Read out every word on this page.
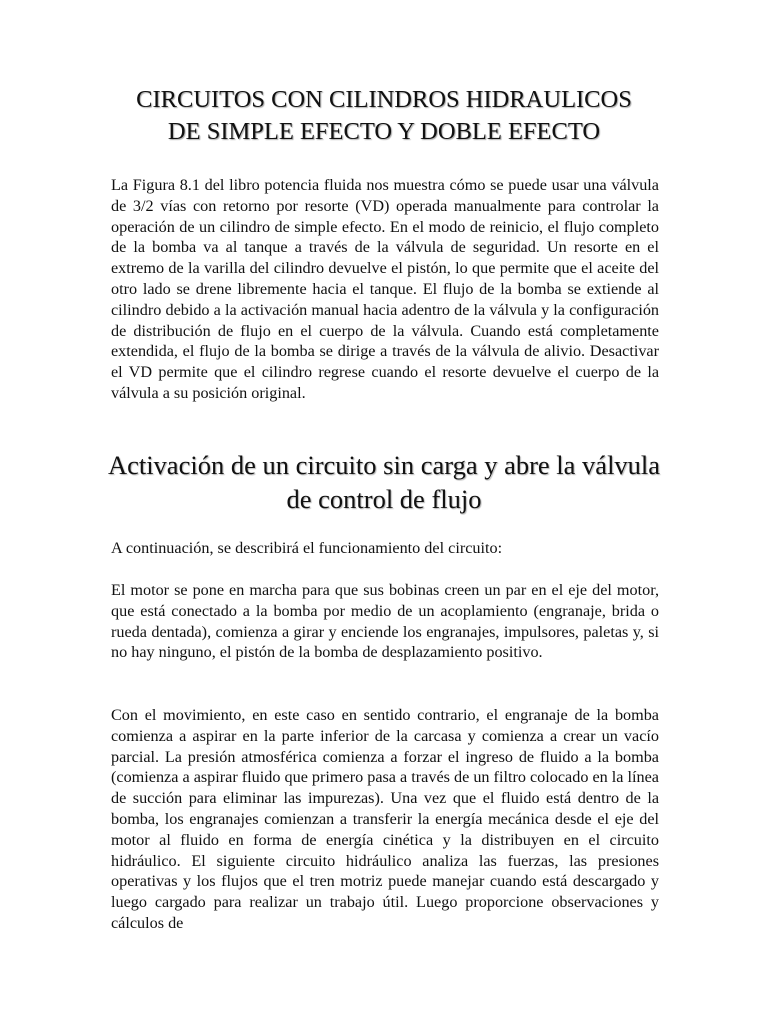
CIRCUITOS CON CILINDROS HIDRAULICOS
DE SIMPLE EFECTO Y DOBLE EFECTO

La Figura 8.1 del libro potencia fluida nos muestra cómo se puede usar una válvula de 3/2 vías con retorno por resorte (VD) operada manualmente para controlar la operación de un cilindro de simple efecto. En el modo de reinicio, el flujo completo de la bomba va al tanque a través de la válvula de seguridad. Un resorte en el extremo de la varilla del cilindro devuelve el pistón, lo que permite que el aceite del otro lado se drene libremente hacia el tanque. El flujo de la bomba se extiende al cilindro debido a la activación manual hacia adentro de la válvula y la configuración de distribución de flujo en el cuerpo de la válvula. Cuando está completamente extendida, el flujo de la bomba se dirige a través de la válvula de alivio. Desactivar el VD permite que el cilindro regrese cuando el resorte devuelve el cuerpo de la válvula a su posición original.

Activación de un circuito sin carga y abre la válvula
de control de flujo

A continuación, se describirá el funcionamiento del circuito:

El motor se pone en marcha para que sus bobinas creen un par en el eje del motor, que está conectado a la bomba por medio de un acoplamiento (engranaje, brida o rueda dentada), comienza a girar y enciende los engranajes, impulsores, paletas y, si no hay ninguno, el pistón de la bomba de desplazamiento positivo.

Con el movimiento, en este caso en sentido contrario, el engranaje de la bomba comienza a aspirar en la parte inferior de la carcasa y comienza a crear un vacío parcial. La presión atmosférica comienza a forzar el ingreso de fluido a la bomba (comienza a aspirar fluido que primero pasa a través de un filtro colocado en la línea de succión para eliminar las impurezas). Una vez que el fluido está dentro de la bomba, los engranajes comienzan a transferir la energía mecánica desde el eje del motor al fluido en forma de energía cinética y la distribuyen en el circuito hidráulico. El siguiente circuito hidráulico analiza las fuerzas, las presiones operativas y los flujos que el tren motriz puede manejar cuando está descargado y luego cargado para realizar un trabajo útil. Luego proporcione observaciones y cálculos de
